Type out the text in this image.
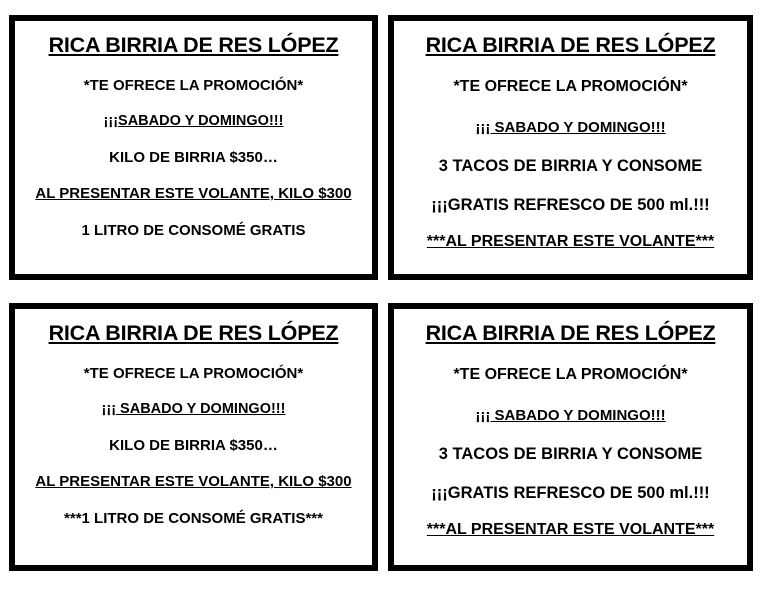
RICA BIRRIA DE RES LÓPEZ
*TE OFRECE LA PROMOCIÓN*
¡¡¡SABADO Y DOMINGO!!!
KILO DE BIRRIA $350…
AL PRESENTAR ESTE VOLANTE, KILO $300
1 LITRO DE CONSOMÉ GRATIS
RICA BIRRIA DE RES LÓPEZ
*TE OFRECE LA PROMOCIÓN*
¡¡¡ SABADO Y DOMINGO!!!
3 TACOS DE BIRRIA Y CONSOME
¡¡¡GRATIS REFRESCO DE 500 ml.!!!
***AL PRESENTAR ESTE VOLANTE***
RICA BIRRIA DE RES LÓPEZ
*TE OFRECE LA PROMOCIÓN*
¡¡¡ SABADO Y DOMINGO!!!
KILO DE BIRRIA $350…
AL PRESENTAR ESTE VOLANTE, KILO $300
***1 LITRO DE CONSOMÉ GRATIS***
RICA BIRRIA DE RES LÓPEZ
*TE OFRECE LA PROMOCIÓN*
¡¡¡ SABADO Y DOMINGO!!!
3 TACOS DE BIRRIA Y CONSOME
¡¡¡GRATIS REFRESCO DE 500 ml.!!!
***AL PRESENTAR ESTE VOLANTE***
